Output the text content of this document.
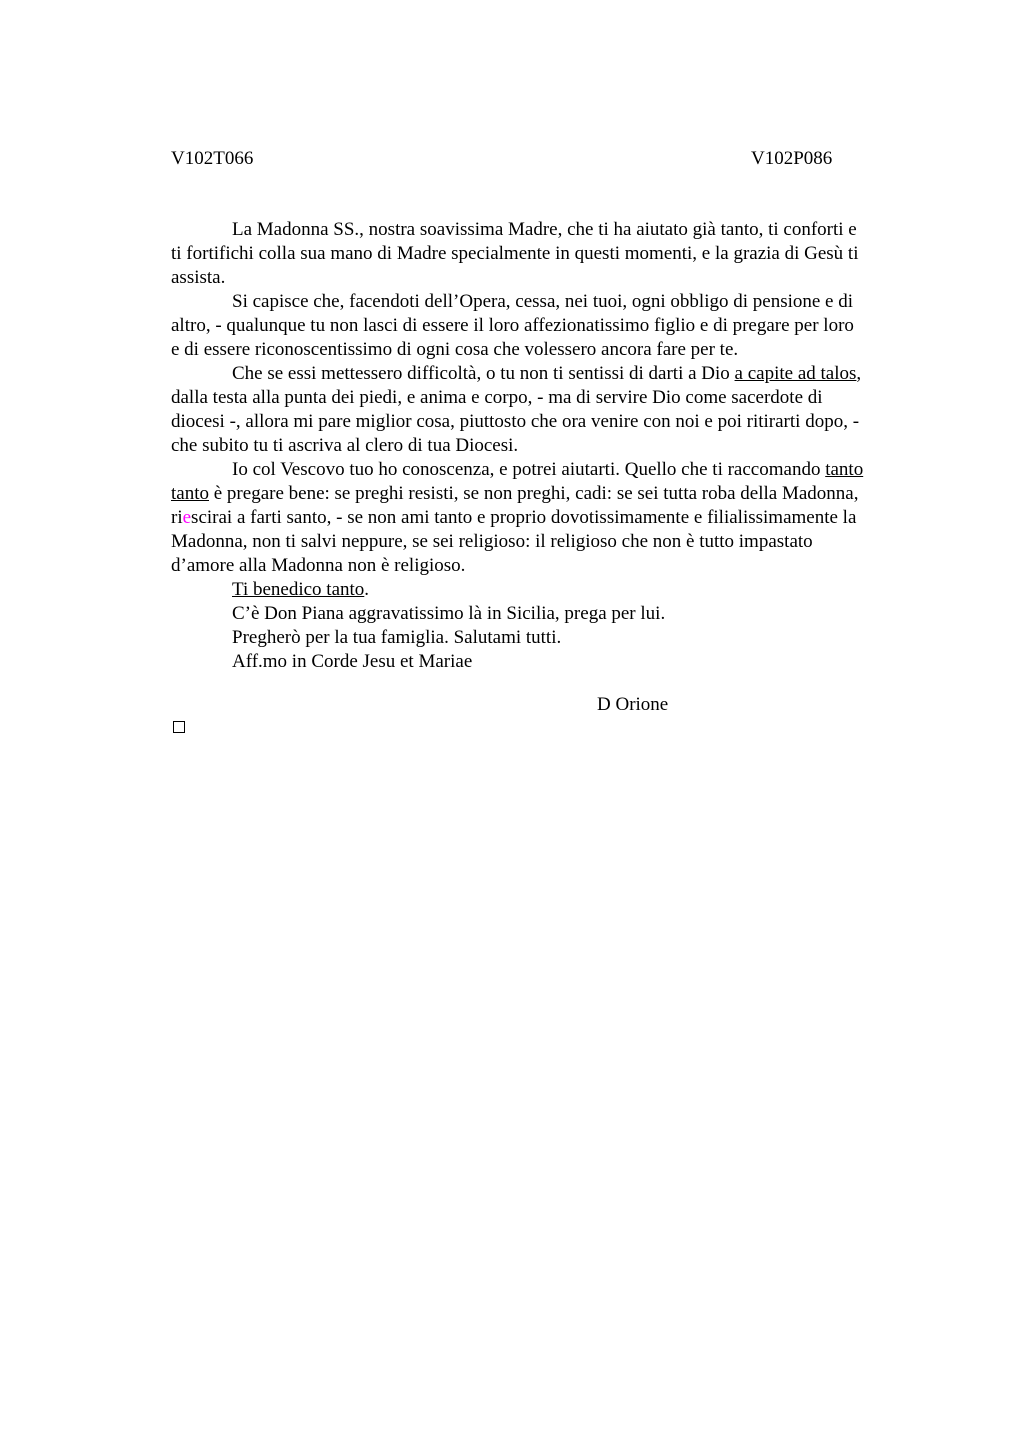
V102T066	V102P086
La Madonna SS., nostra soavissima Madre, che ti ha aiutato già tanto, ti conforti e
ti fortifichi colla sua mano di Madre specialmente in questi momenti, e la grazia di Gesù ti
assista.
Si capisce che, facendoti dell’Opera, cessa, nei tuoi, ogni obbligo di pensione e di
altro, - qualunque tu non lasci di essere il loro affezionatissimo figlio e di pregare per loro
e di essere riconoscentissimo di ogni cosa che volessero ancora fare per te.
Che se essi mettessero difficoltà, o tu non ti sentissi di darti a Dio a capite ad talos,
dalla testa alla punta dei piedi, e anima e corpo, - ma di servire Dio come sacerdote di
diocesi -, allora mi pare miglior cosa, piuttosto che ora venire con noi e poi ritirarti dopo, -
che subito tu ti ascriva al clero di tua Diocesi.
Io col Vescovo tuo ho conoscenza, e potrei aiutarti. Quello che ti raccomando tanto
tanto è pregare bene: se preghi resisti, se non preghi, cadi: se sei tutta roba della Madonna,
riescirai a farti santo, - se non ami tanto e proprio dovotissimamente e filialissimamente la
Madonna, non ti salvi neppure, se sei religioso: il religioso che non è tutto impastato
d’amore alla Madonna non è religioso.
Ti benedico tanto.
C’è Don Piana aggravatissimo là in Sicilia, prega per lui.
Pregherò per la tua famiglia. Salutami tutti.
Aff.mo in Corde Jesu et Mariae
D Orione
